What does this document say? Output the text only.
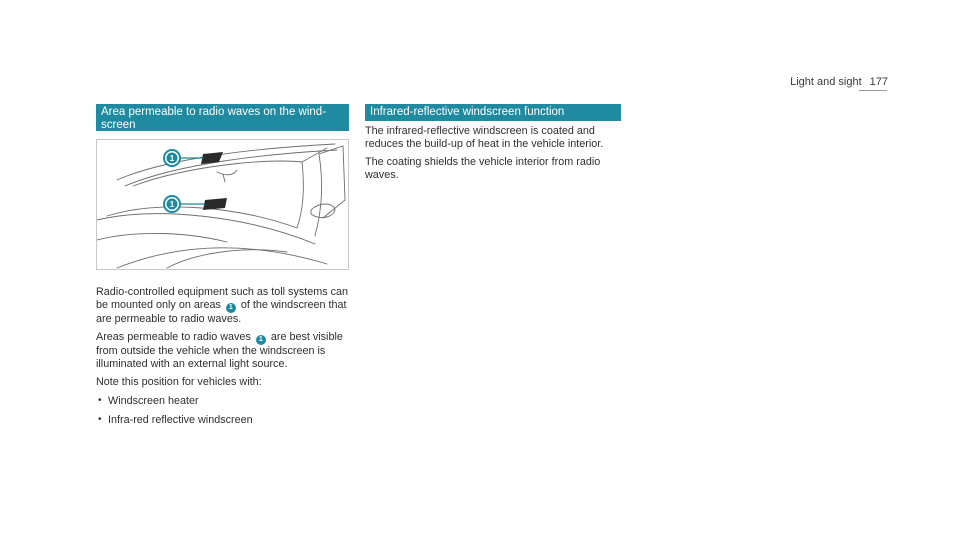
Light and sight 177
Area permeable to radio waves on the windscreen
1
1

Radio-controlled equipment such as toll systems can be mounted only on areas 1 of the windscreen that are permeable to radio waves.

Areas permeable to radio waves 1 are best visible from outside the vehicle when the windscreen is illuminated with an external light source.

Note this position for vehicles with:

• Windscreen heater
• Infra-red reflective windscreen
Infrared-reflective windscreen function

The infrared-reflective windscreen is coated and reduces the build-up of heat in the vehicle interior.

The coating shields the vehicle interior from radio waves.
